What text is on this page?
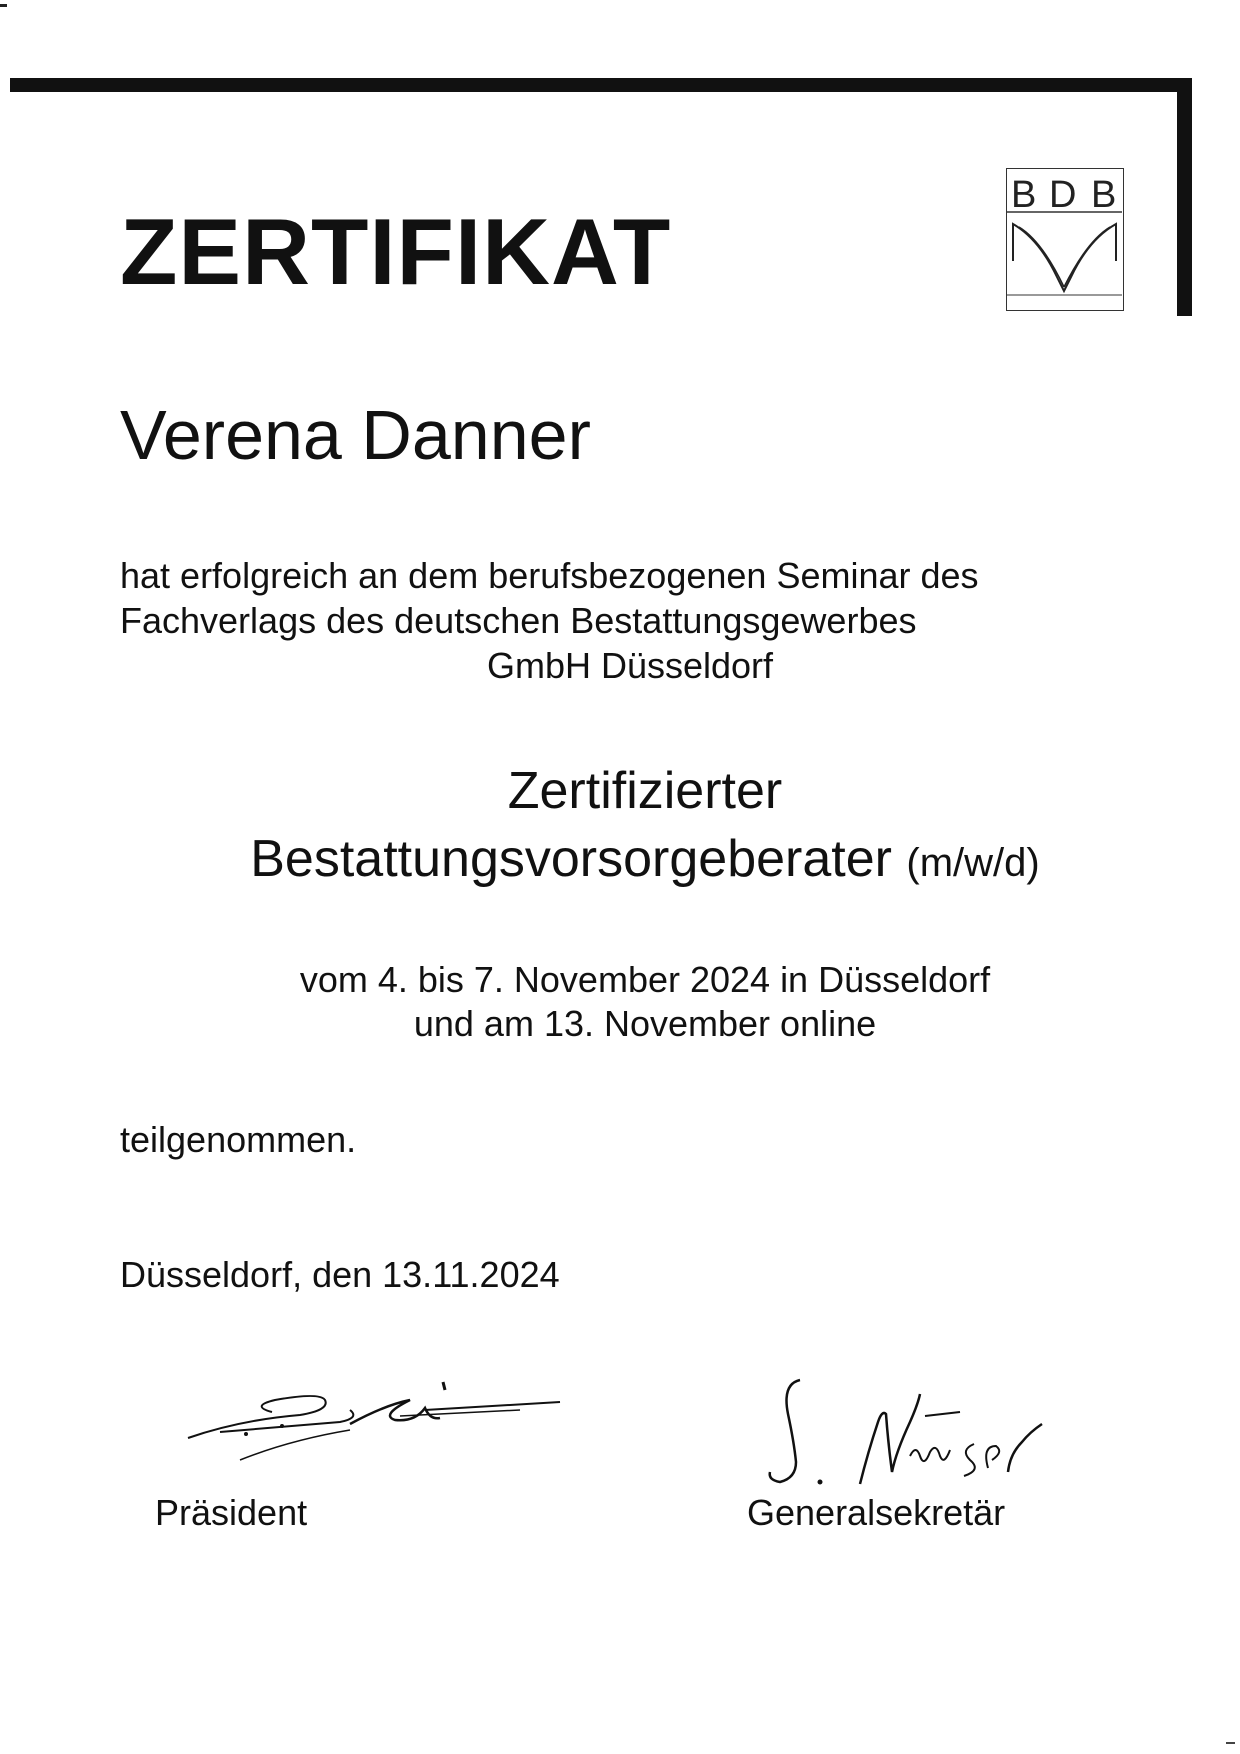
B D B
ZERTIFIKAT
Verena Danner
hat erfolgreich an dem berufsbezogenen Seminar des
Fachverlags des deutschen Bestattungsgewerbes
GmbH Düsseldorf
Zertifizierter
Bestattungsvorsorgeberater (m/w/d)
vom 4. bis 7. November 2024 in Düsseldorf
und am 13. November online
teilgenommen.
Düsseldorf, den 13.11.2024
Präsident	Generalsekretär
